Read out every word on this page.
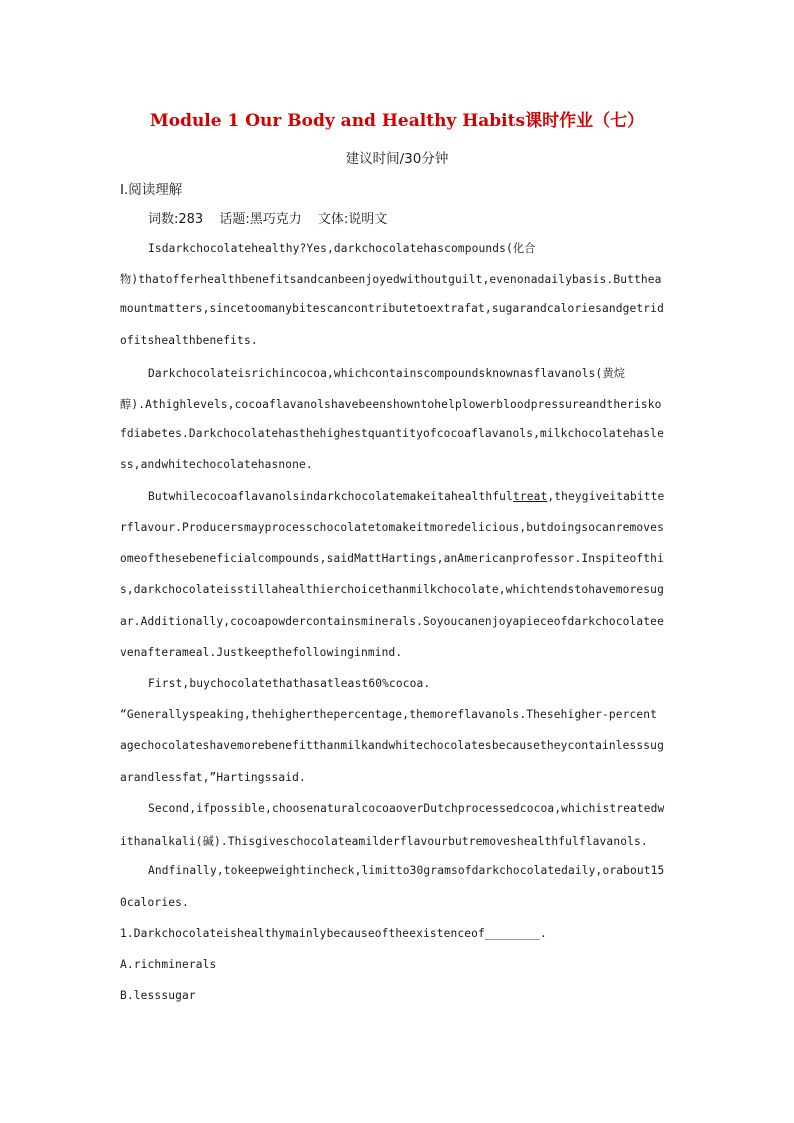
Module 1 Our Body and Healthy Habits课时作业（七）
建议时间/30分钟
Ⅰ.阅读理解
词数:283 话题:黑巧克力 文体:说明文
Isdarkchocolatehealthy?Yes,darkchocolatehascompounds(化合
物)thatofferhealthbenefitsandcanbeenjoyedwithoutguilt,evenonadailybasis.Butthea
mountmatters,sincetoomanybitescancontributetoextrafat,sugarandcaloriesandgetrid
ofitshealthbenefits.
Darkchocolateisrichincocoa,whichcontainscompoundsknownasflavanols(黄烷
醇).Athighlevels,cocoaflavanolshavebeenshowntohelplowerbloodpressureandtherisko
fdiabetes.Darkchocolatehasthehighestquantityofcocoaflavanols,milkchocolatehasle
ss,andwhitechocolatehasnone.
Butwhilecocoaflavanolsindarkchocolatemakeitahealthfultreat,theygiveitabitte
rflavour.Producersmayprocesschocolatetomakeitmoredelicious,butdoingsocanremoves
omeofthesebeneficialcompounds,saidMattHartings,anAmericanprofessor.Inspiteofthi
s,darkchocolateisstillahealthierchoicethanmilkchocolate,whichtendstohavemoresug
ar.Additionally,cocoapowdercontainsminerals.Soyoucanenjoyapieceofdarkchocolatee
venafterameal.Justkeepthefollowinginmind.
First,buychocolatethathasatleast60%cocoa.
“Generallyspeaking,thehigherthepercentage,themoreflavanols.Thesehigher-percent
agechocolateshavemorebenefitthanmilkandwhitechocolatesbecausetheycontainlesssug
arandlessfat,”Hartingssaid.
Second,ifpossible,choosenaturalcocoaoverDutchprocessedcocoa,whichistreatedw
ithanalkali(碱).Thisgiveschocolateamilderflavourbutremoveshealthfulflavanols.
Andfinally,tokeepweightincheck,limitto30gramsofdarkchocolatedaily,orabout15
0calories.
1.Darkchocolateishealthymainlybecauseoftheexistenceof________.
A.richminerals
B.lesssugar
